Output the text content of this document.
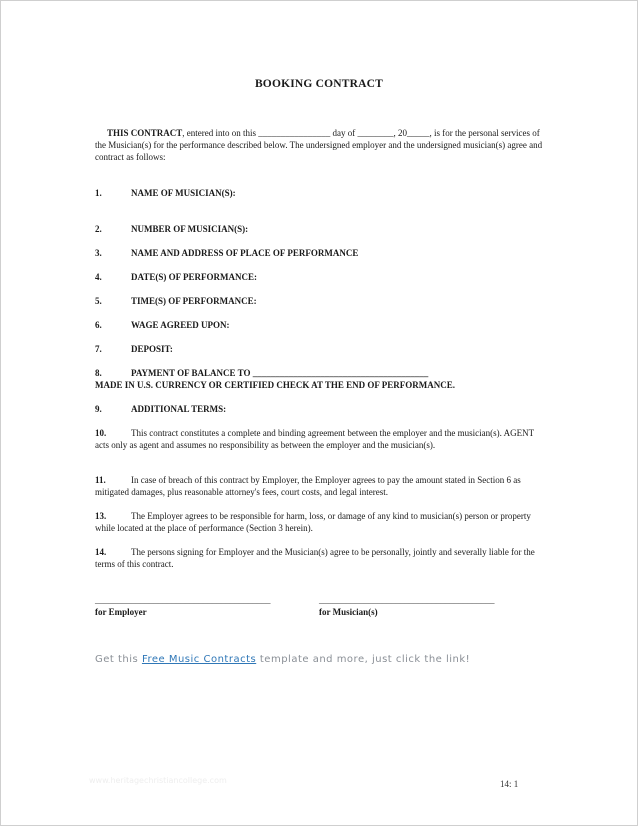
BOOKING CONTRACT
THIS CONTRACT, entered into on this ________________ day of ________, 20_____, is for the personal services of the Musician(s) for the performance described below. The undersigned employer and the undersigned musician(s) agree and contract as follows:
1.	NAME OF MUSICIAN(S):
2.	NUMBER OF MUSICIAN(S):
3.	NAME AND ADDRESS OF PLACE OF PERFORMANCE
4.	DATE(S) OF PERFORMANCE:
5.	TIME(S) OF PERFORMANCE:
6.	WAGE AGREED UPON:
7.	DEPOSIT:
8.	PAYMENT OF BALANCE TO _______________________________________
MADE IN U.S. CURRENCY OR CERTIFIED CHECK AT THE END OF PERFORMANCE.
9.	ADDITIONAL TERMS:
10.	This contract constitutes a complete and binding agreement between the employer and the musician(s). AGENT acts only as agent and assumes no responsibility as between the employer and the musician(s).
11.	In case of breach of this contract by Employer, the Employer agrees to pay the amount stated in Section 6 as mitigated damages, plus reasonable attorney's fees, court costs, and legal interest.
13.	The Employer agrees to be responsible for harm, loss, or damage of any kind to musician(s) person or property while located at the place of performance (Section 3 herein).
14.	The persons signing for Employer and the Musician(s) agree to be personally, jointly and severally liable for the terms of this contract.
_______________________________________	_______________________________________
for Employer	for Musician(s)
Get this Free Music Contracts template and more, just click the link!
www.heritagechristiancollege.com	14: 1
